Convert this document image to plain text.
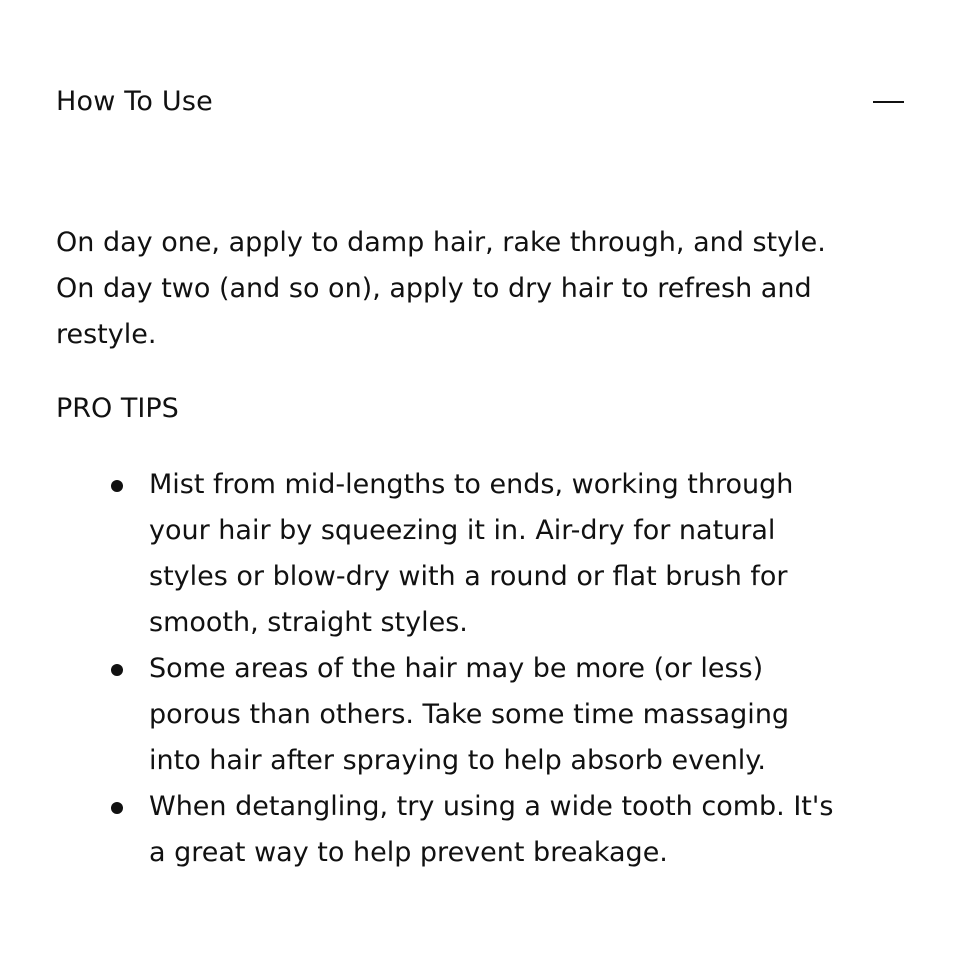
How To Use

On day one, apply to damp hair, rake through, and style. On day two (and so on), apply to dry hair to refresh and restyle.

PRO TIPS
Mist from mid-lengths to ends, working through your hair by squeezing it in. Air-dry for natural styles or blow-dry with a round or flat brush for smooth, straight styles.
Some areas of the hair may be more (or less) porous than others. Take some time massaging into hair after spraying to help absorb evenly.
When detangling, try using a wide tooth comb. It's a great way to help prevent breakage.
